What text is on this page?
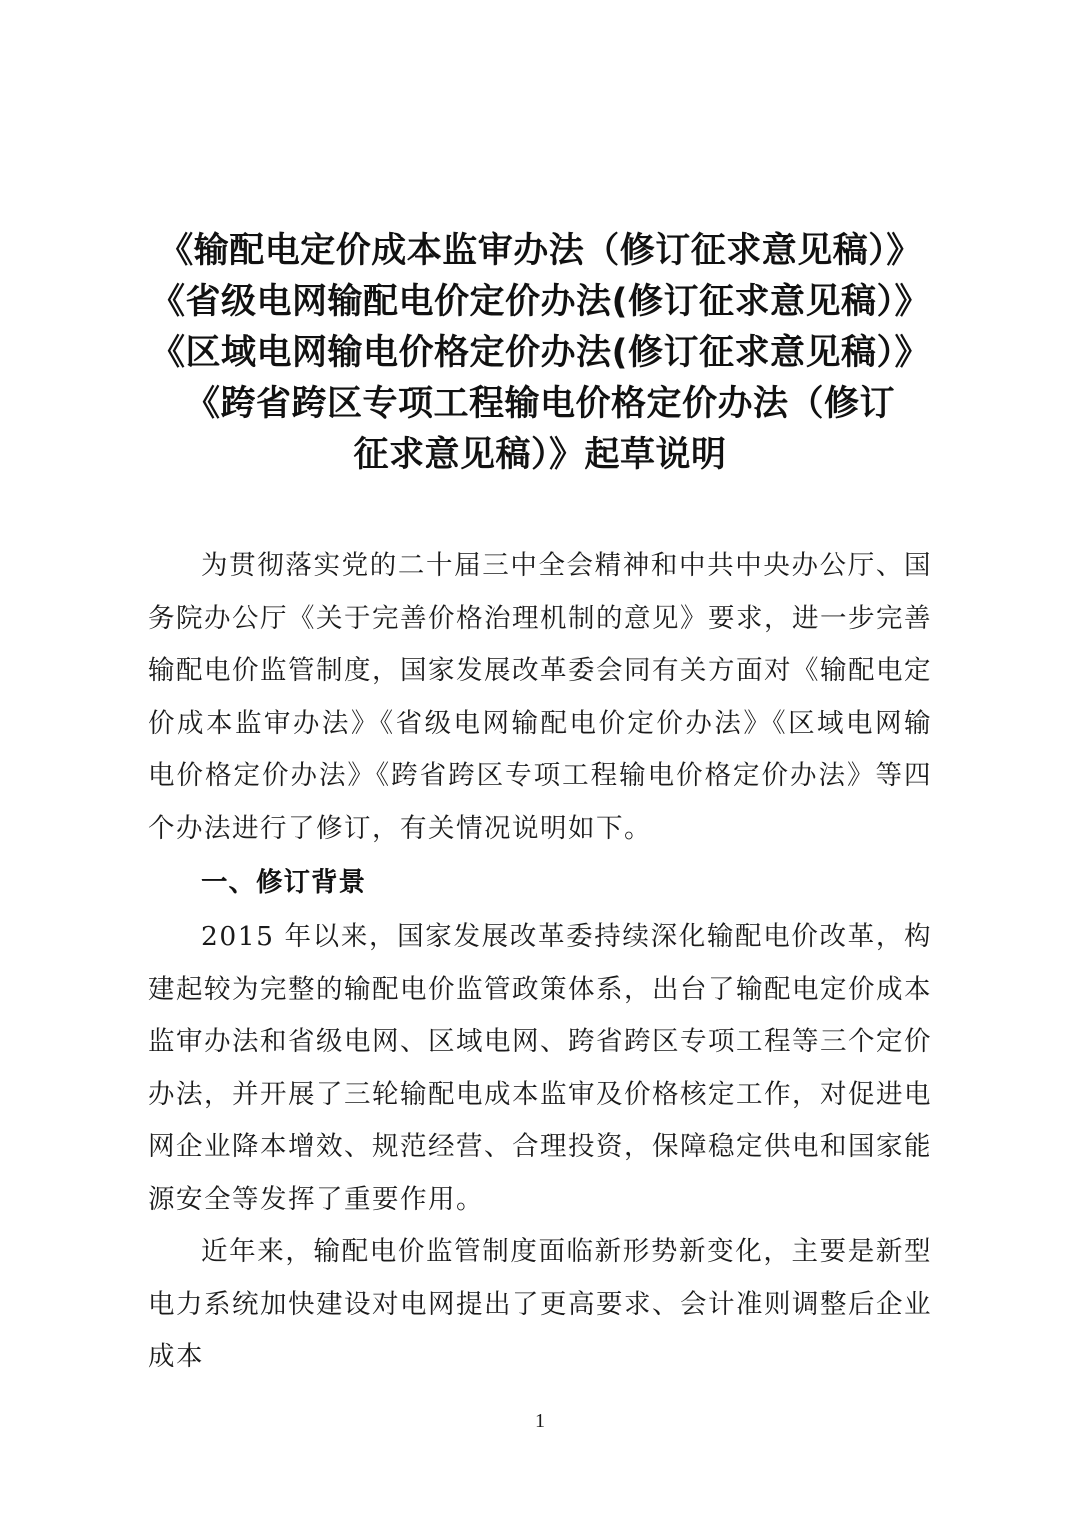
《输配电定价成本监审办法（修订征求意见稿）》
《省级电网输配电价定价办法(修订征求意见稿）》
《区域电网输电价格定价办法(修订征求意见稿）》
《跨省跨区专项工程输电价格定价办法（修订
征求意见稿）》起草说明

为贯彻落实党的二十届三中全会精神和中共中央办公厅、国务院办公厅《关于完善价格治理机制的意见》要求，进一步完善输配电价监管制度，国家发展改革委会同有关方面对《输配电定价成本监审办法》《省级电网输配电价定价办法》《区域电网输电价格定价办法》《跨省跨区专项工程输电价格定价办法》等四个办法进行了修订，有关情况说明如下。

一、修订背景

2015 年以来，国家发展改革委持续深化输配电价改革，构建起较为完整的输配电价监管政策体系，出台了输配电定价成本监审办法和省级电网、区域电网、跨省跨区专项工程等三个定价办法，并开展了三轮输配电成本监审及价格核定工作，对促进电网企业降本增效、规范经营、合理投资，保障稳定供电和国家能源安全等发挥了重要作用。

近年来，输配电价监管制度面临新形势新变化，主要是新型电力系统加快建设对电网提出了更高要求、会计准则调整后企业成本

1
